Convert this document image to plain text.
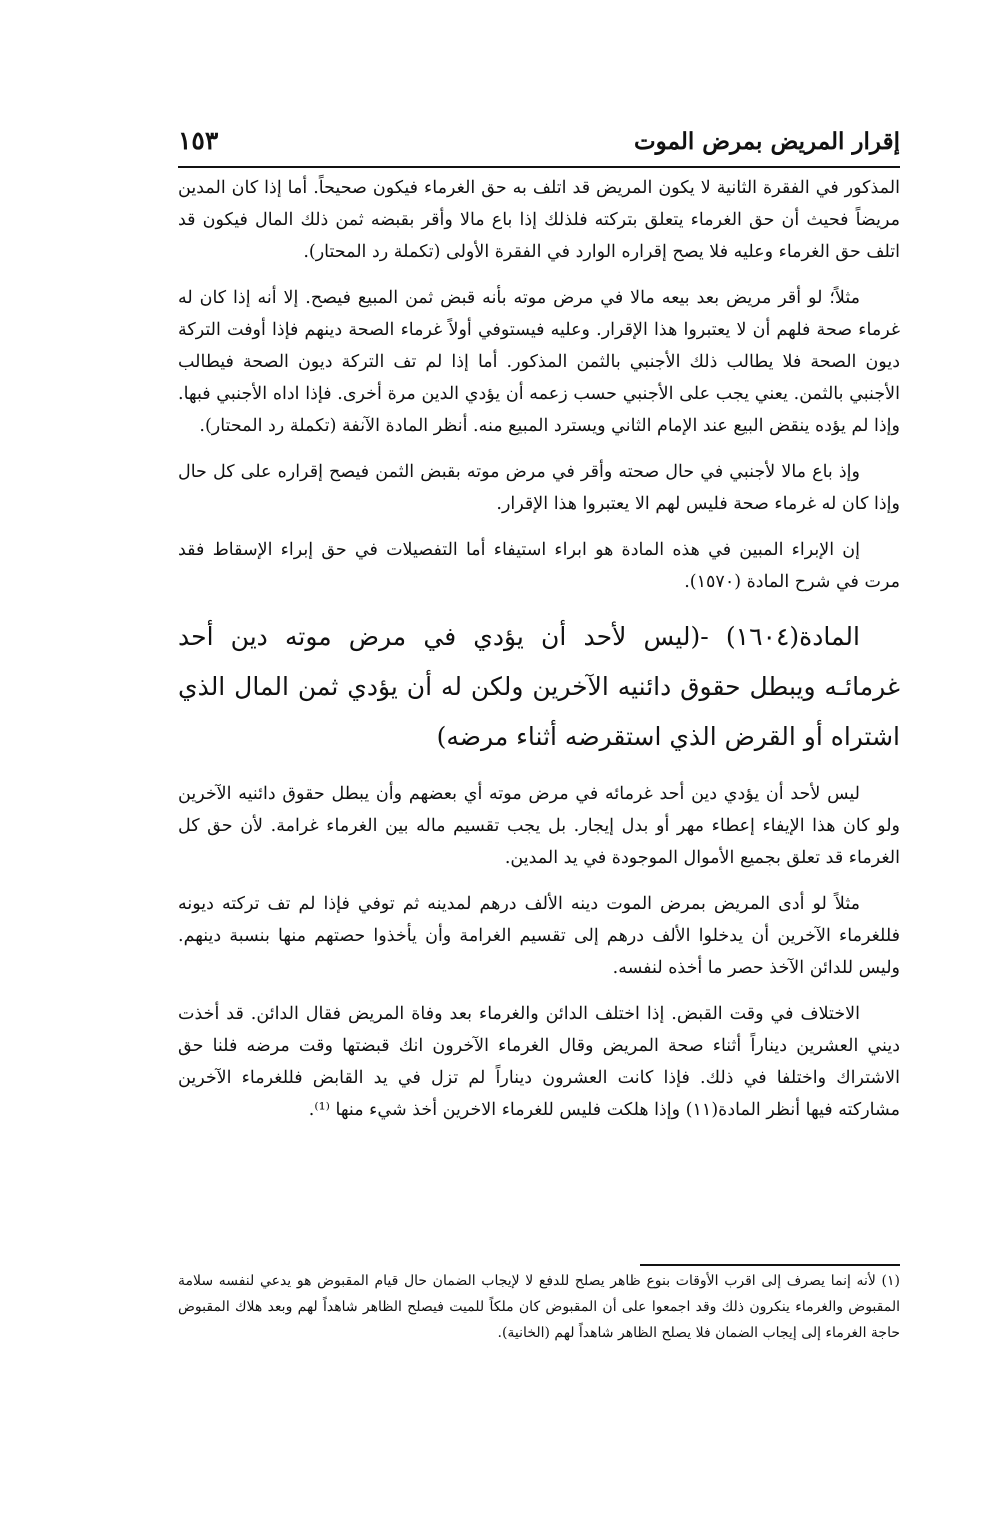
إقرار المريض بمرض الموت
١٥٣

المذكور في الفقرة الثانية لا يكون المريض قد اتلف به حق الغرماء فيكون صحيحاً. أما إذا كان المدين مريضاً فحيث أن حق الغرماء يتعلق بتركته فلذلك إذا باع مالا وأقر بقبضه ثمن ذلك المال فيكون قد اتلف حق الغرماء وعليه فلا يصح إقراره الوارد في الفقرة الأولى (تكملة رد المحتار).

مثلاً؛ لو أقر مريض بعد بيعه مالا في مرض موته بأنه قبض ثمن المبيع فيصح. إلا أنه إذا كان له غرماء صحة فلهم أن لا يعتبروا هذا الإقرار. وعليه فيستوفي أولاً غرماء الصحة دينهم فإذا أوفت التركة ديون الصحة فلا يطالب ذلك الأجنبي بالثمن المذكور. أما إذا لم تف التركة ديون الصحة فيطالب الأجنبي بالثمن. يعني يجب على الأجنبي حسب زعمه أن يؤدي الدين مرة أخرى. فإذا اداه الأجنبي فبها. وإذا لم يؤده ينقض البيع عند الإمام الثاني ويسترد المبيع منه. أنظر المادة الآنفة (تكملة رد المحتار).

وإذ باع مالا لأجنبي في حال صحته وأقر في مرض موته بقبض الثمن فيصح إقراره على كل حال وإذا كان له غرماء صحة فليس لهم الا يعتبروا هذا الإقرار.

إن الإبراء المبين في هذه المادة هو ابراء استيفاء أما التفصيلات في حق إبراء الإسقاط فقد مرت في شرح المادة (١٥٧٠).

المادة(١٦٠٤) -(ليس لأحد أن يؤدي في مرض موته دين أحد غرمائـه ويبطل حقوق دائنيه الآخرين ولكن له أن يؤدي ثمن المال الذي اشتراه أو القرض الذي استقرضه أثناء مرضه)

ليس لأحد أن يؤدي دين أحد غرمائه في مرض موته أي بعضهم وأن يبطل حقوق دائنيه الآخرين ولو كان هذا الإيفاء إعطاء مهر أو بدل إيجار. بل يجب تقسيم ماله بين الغرماء غرامة. لأن حق كل الغرماء قد تعلق بجميع الأموال الموجودة في يد المدين.

مثلاً لو أدى المريض بمرض الموت دينه الألف درهم لمدينه ثم توفي فإذا لم تف تركته ديونه فللغرماء الآخرين أن يدخلوا الألف درهم إلى تقسيم الغرامة وأن يأخذوا حصتهم منها بنسبة دينهم. وليس للدائن الآخذ حصر ما أخذه لنفسه.

الاختلاف في وقت القبض. إذا اختلف الدائن والغرماء بعد وفاة المريض فقال الدائن. قد أخذت ديني العشرين ديناراً أثناء صحة المريض وقال الغرماء الآخرون انك قبضتها وقت مرضه فلنا حق الاشتراك واختلفا في ذلك. فإذا كانت العشرون ديناراً لم تزل في يد القابض فللغرماء الآخرين مشاركته فيها أنظر المادة(١١) وإذا هلكت فليس للغرماء الاخرين أخذ شيء منها ⁽¹⁾.

(١) لأنه إنما يصرف إلى اقرب الأوقات بنوع ظاهر يصلح للدفع لا لإيجاب الضمان حال قيام المقبوض هو يدعي لنفسه سلامة المقبوض والغرماء ينكرون ذلك وقد اجمعوا على أن المقبوض كان ملكاً للميت فيصلح الظاهر شاهداً لهم وبعد هلاك المقبوض حاجة الغرماء إلى إيجاب الضمان فلا يصلح الظاهر شاهداً لهم (الخانية).
